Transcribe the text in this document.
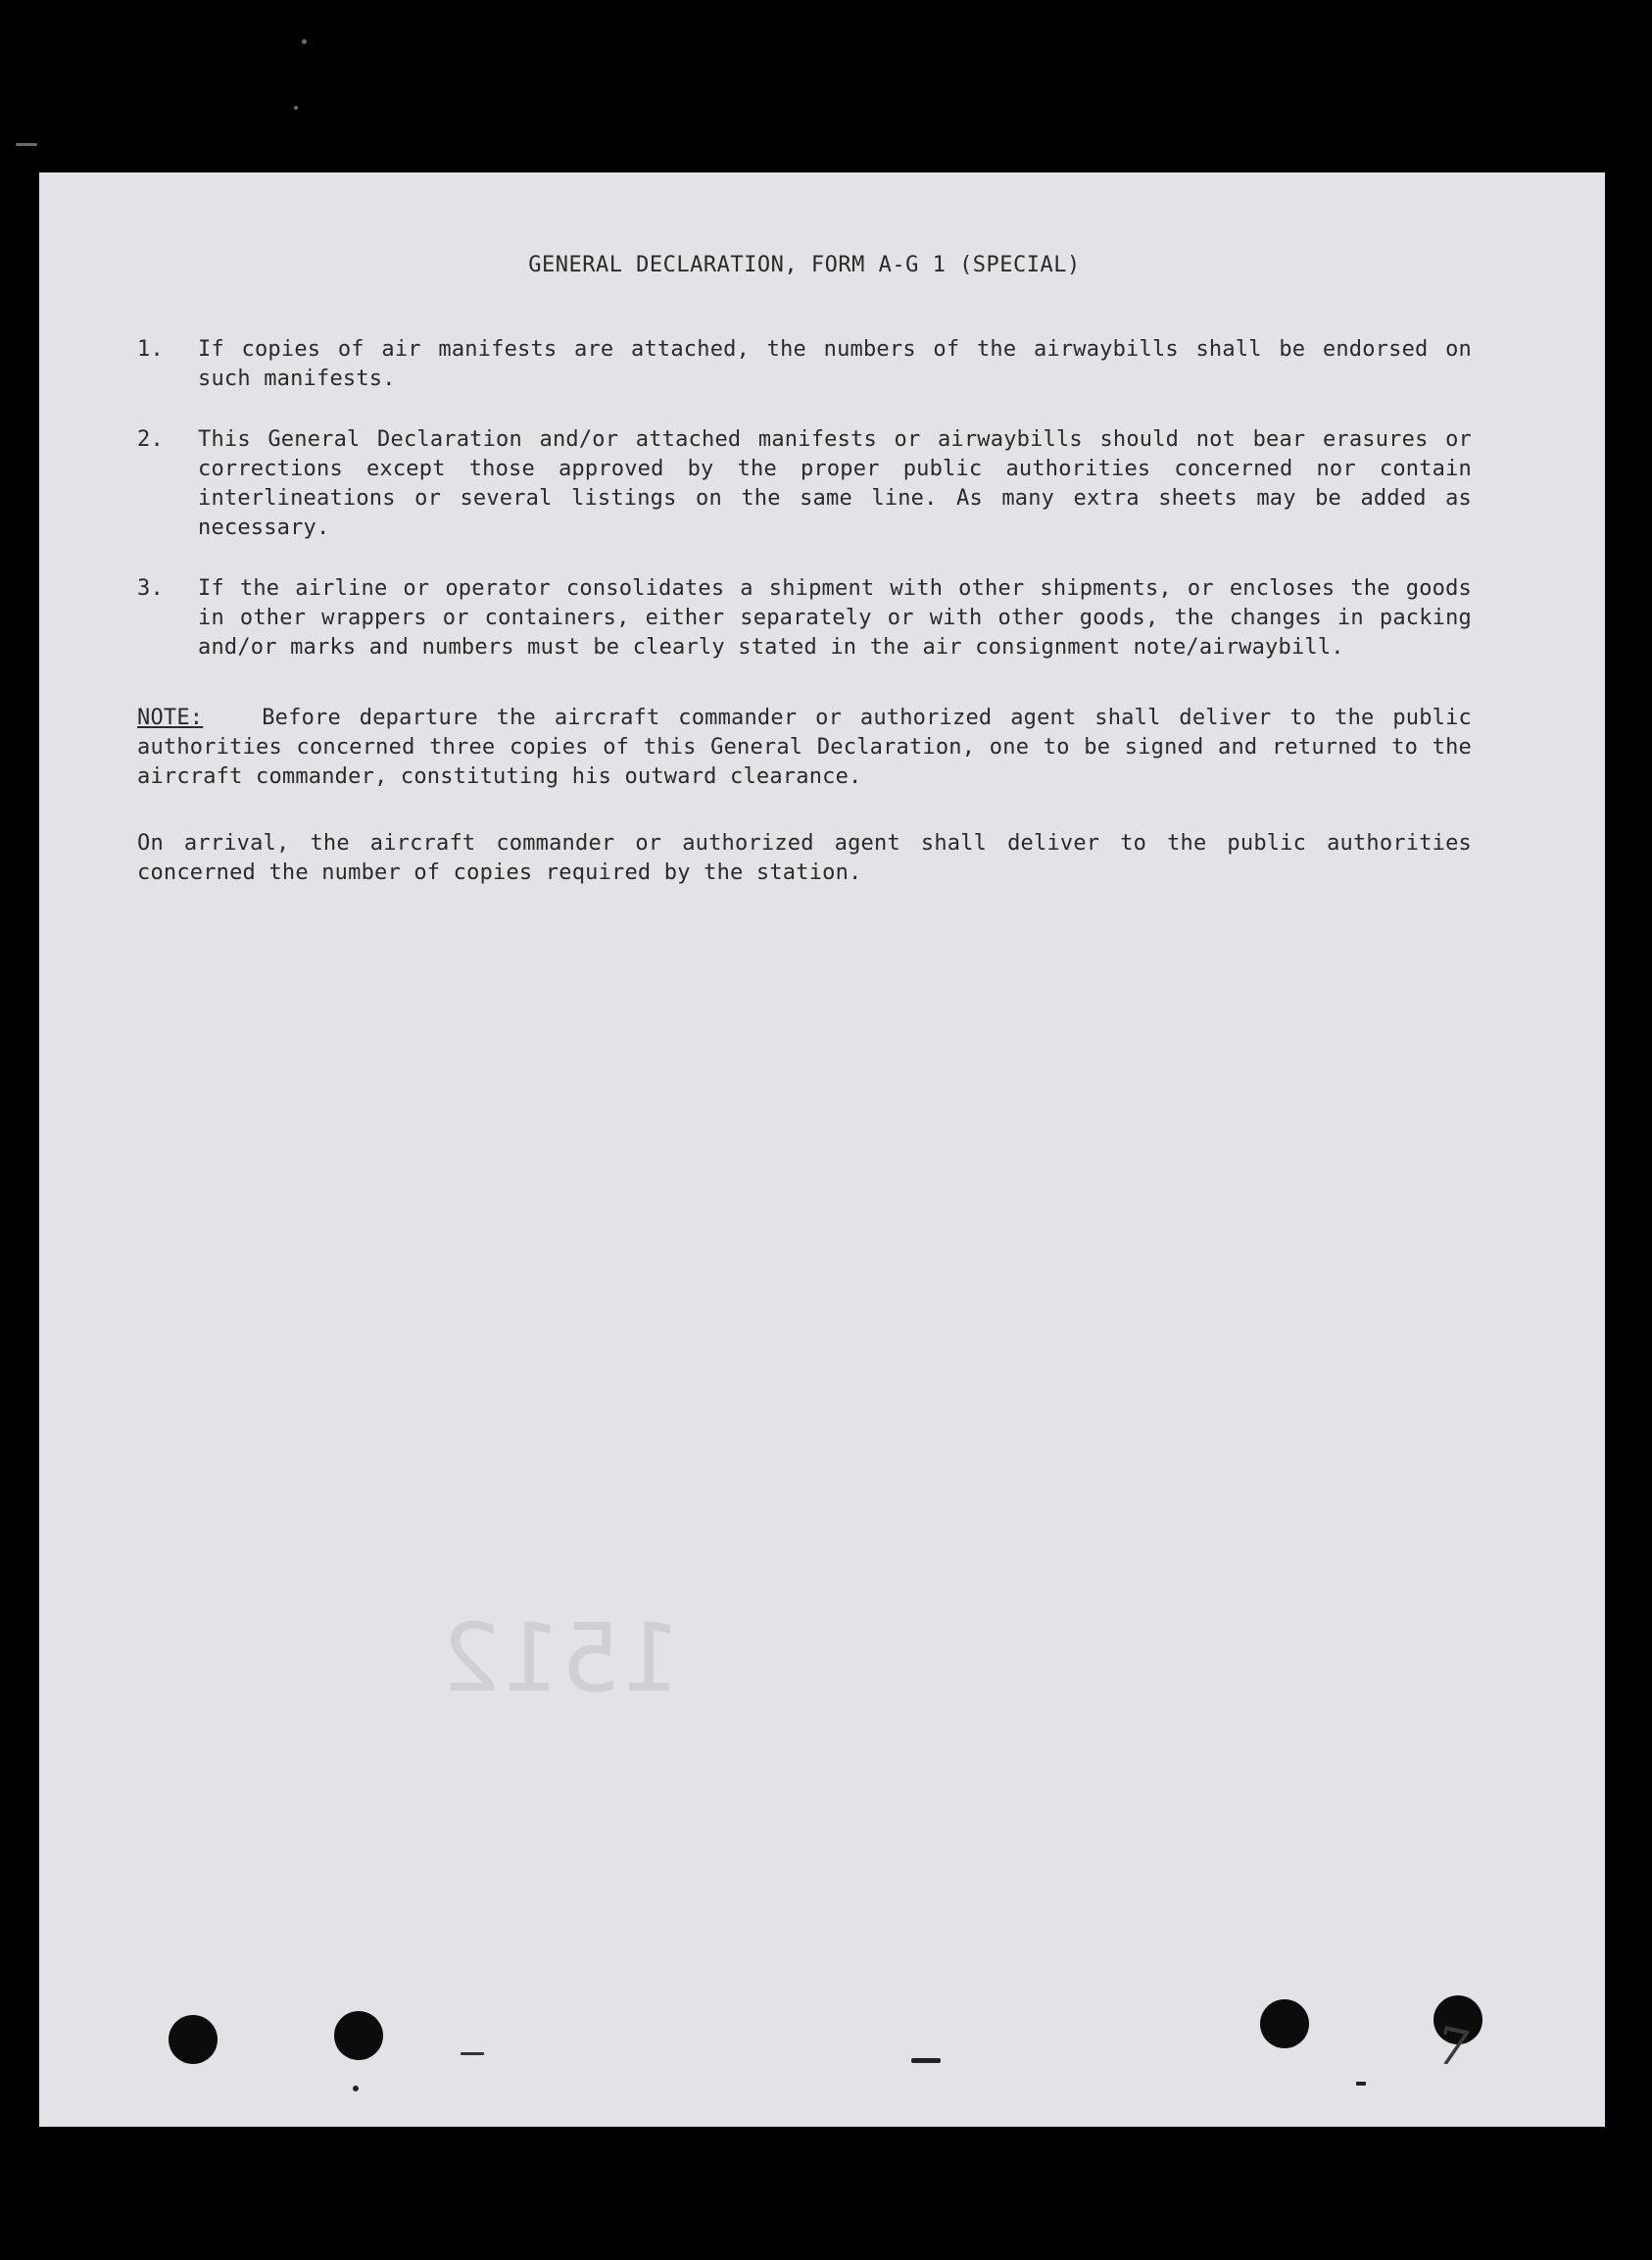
1512
GENERAL DECLARATION, FORM A-G 1 (SPECIAL)
1.	If copies of air manifests are attached, the numbers of the airwaybills shall be endorsed on such manifests.
2.	This General Declaration and/or attached manifests or airwaybills should not bear erasures or corrections except those approved by the proper public authorities concerned nor contain interlineations or several listings on the same line. As many extra sheets may be added as necessary.
3.	If the airline or operator consolidates a shipment with other shipments, or encloses the goods in other wrappers or containers, either separately or with other goods, the changes in packing and/or marks and numbers must be clearly stated in the air consignment note/airwaybill.
NOTE:	Before departure the aircraft commander or authorized agent shall deliver to the public authorities concerned three copies of this General Declaration, one to be signed and returned to the aircraft commander, constituting his outward clearance.
On arrival, the aircraft commander or authorized agent shall deliver to the public authorities concerned the number of copies required by the station.
7
